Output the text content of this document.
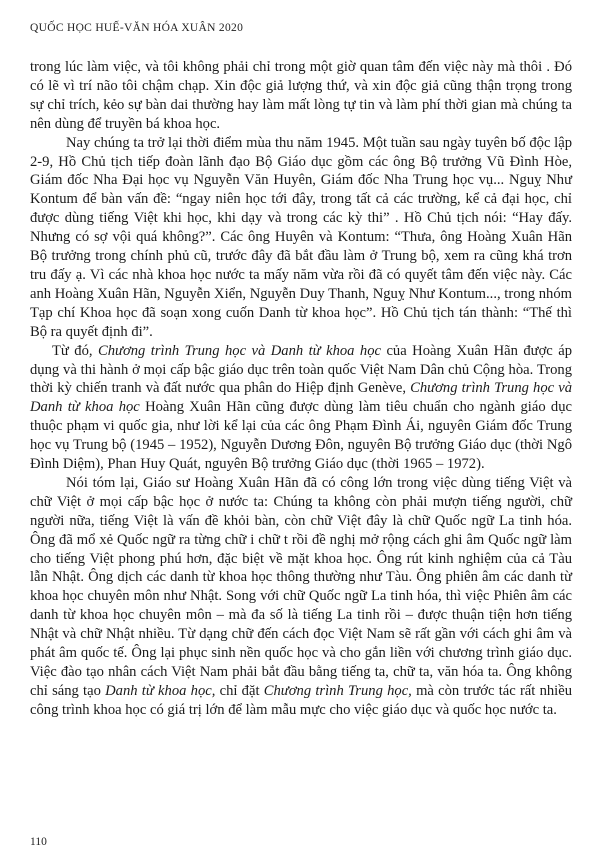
QUỐC HỌC HUẾ-VĂN HÓA XUÂN 2020

trong lúc làm việc, và tôi không phải chỉ trong một giờ quan tâm đến việc này mà thôi . Đó có lẽ vì trí não tôi chậm chạp. Xin độc giả lượng thứ, và xin độc giả cũng thận trọng trong sự chỉ trích, kẻo sự bàn dai thường hay làm mất lòng tự tin và làm phí thời gian mà chúng ta nên dùng để truyền bá khoa học.

Nay chúng ta trở lại thời điểm mùa thu năm 1945. Một tuần sau ngày tuyên bố độc lập 2-9, Hồ Chủ tịch tiếp đoàn lãnh đạo Bộ Giáo dục gồm các ông Bộ trưởng Vũ Đình Hòe, Giám đốc Nha Đại học vụ Nguyễn Văn Huyên, Giám đốc Nha Trung học vụ... Nguỵ Như Kontum để bàn vấn đề: “ngay niên học tới đây, trong tất cả các trường, kể cả đại học, chỉ được dùng tiếng Việt khi học, khi dạy và trong các kỳ thi” . Hồ Chủ tịch nói: “Hay đấy. Nhưng có sợ vội quá không?”. Các ông Huyên và Kontum: “Thưa, ông Hoàng Xuân Hãn Bộ trưởng trong chính phủ cũ, trước đây đã bắt đầu làm ở Trung bộ, xem ra cũng khá trơn tru đấy ạ. Vì các nhà khoa học nước ta mấy năm vừa rồi đã có quyết tâm đến việc này. Các anh Hoàng Xuân Hãn, Nguyễn Xiển, Nguyễn Duy Thanh, Nguỵ Như Kontum..., trong nhóm Tạp chí Khoa học đã soạn xong cuốn Danh từ khoa học”. Hồ Chủ tịch tán thành: “Thế thì Bộ ra quyết định đi”.

Từ đó, Chương trình Trung học và Danh từ khoa học của Hoàng Xuân Hãn được áp dụng và thi hành ở mọi cấp bậc giáo dục trên toàn quốc Việt Nam Dân chủ Cộng hòa. Trong thời kỳ chiến tranh và đất nước qua phân do Hiệp định Genève, Chương trình Trung học và Danh từ khoa học Hoàng Xuân Hãn cũng được dùng làm tiêu chuẩn cho ngành giáo dục thuộc phạm vi quốc gia, như lời kể lại của các ông Phạm Đình Ái, nguyên Giám đốc Trung học vụ Trung bộ (1945 – 1952), Nguyễn Dương Đôn, nguyên Bộ trưởng Giáo dục (thời Ngô Đình Diệm), Phan Huy Quát, nguyên Bộ trưởng Giáo dục (thời 1965 – 1972).

Nói tóm lại, Giáo sư Hoàng Xuân Hãn đã có công lớn trong việc dùng tiếng Việt và chữ Việt ở mọi cấp bậc học ở nước ta: Chúng ta không còn phải mượn tiếng người, chữ người nữa, tiếng Việt là vấn đề khỏi bàn, còn chữ Việt đây là chữ Quốc ngữ La tinh hóa. Ông đã mổ xẻ Quốc ngữ ra từng chữ i chữ t rồi đề nghị mở rộng cách ghi âm Quốc ngữ làm cho tiếng Việt phong phú hơn, đặc biệt về mặt khoa học. Ông rút kinh nghiệm của cả Tàu lẫn Nhật. Ông dịch các danh từ khoa học thông thường như Tàu. Ông phiên âm các danh từ khoa học chuyên môn như Nhật. Song với chữ Quốc ngữ La tinh hóa, thì việc Phiên âm các danh từ khoa học chuyên môn – mà đa số là tiếng La tinh rồi – được thuận tiện hơn tiếng Nhật và chữ Nhật nhiều. Từ dạng chữ đến cách đọc Việt Nam sẽ rất gần với cách ghi âm và phát âm quốc tế. Ông lại phục sinh nền quốc học và cho gắn liền với chương trình giáo dục. Việc đào tạo nhân cách Việt Nam phải bắt đầu bằng tiếng ta, chữ ta, văn hóa ta. Ông không chỉ sáng tạo Danh từ khoa học, chỉ đặt Chương trình Trung học, mà còn trước tác rất nhiều công trình khoa học có giá trị lớn để làm mẫu mực cho việc giáo dục và quốc học nước ta.

110
